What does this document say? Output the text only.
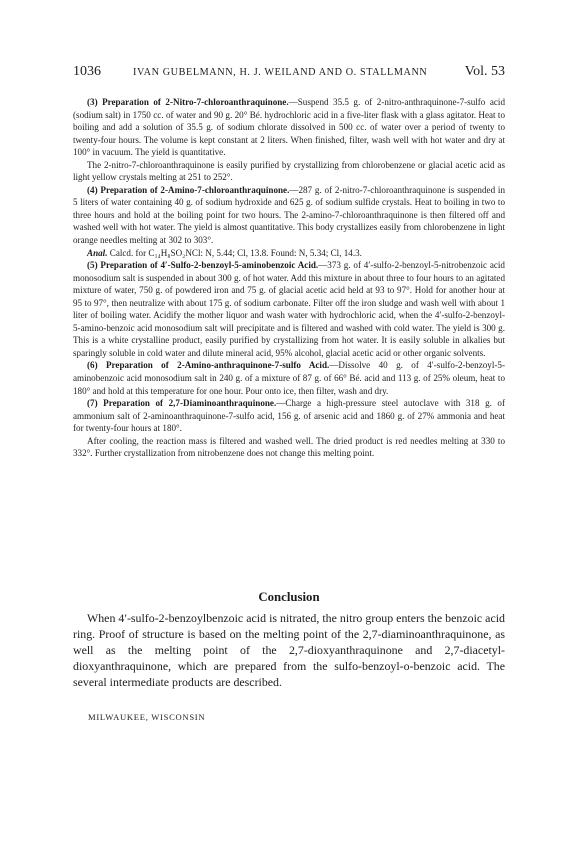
1036	IVAN GUBELMANN, H. J. WEILAND AND O. STALLMANN	Vol. 53

(3) Preparation of 2-Nitro-7-chloroanthraquinone.—Suspend 35.5 g. of 2-nitro-anthraquinone-7-sulfo acid (sodium salt) in 1750 cc. of water and 90 g. 20° Bé. hydrochloric acid in a five-liter flask with a glass agitator. Heat to boiling and add a solution of 35.5 g. of sodium chlorate dissolved in 500 cc. of water over a period of twenty to twenty-four hours. The volume is kept constant at 2 liters. When finished, filter, wash well with hot water and dry at 100° in vacuum. The yield is quantitative.

The 2-nitro-7-chloroanthraquinone is easily purified by crystallizing from chlorobenzene or glacial acetic acid as light yellow crystals melting at 251 to 252°.

(4) Preparation of 2-Amino-7-chloroanthraquinone.—287 g. of 2-nitro-7-chloroanthraquinone is suspended in 5 liters of water containing 40 g. of sodium hydroxide and 625 g. of sodium sulfide crystals. Heat to boiling in two to three hours and hold at the boiling point for two hours. The 2-amino-7-chloroanthraquinone is then filtered off and washed well with hot water. The yield is almost quantitative. This body crystallizes easily from chlorobenzene in light orange needles melting at 302 to 303°.

Anal. Calcd. for C₁₄H₈SO₂NCl: N, 5.44; Cl, 13.8. Found: N, 5.34; Cl, 14.3.

(5) Preparation of 4′-Sulfo-2-benzoyl-5-aminobenzoic Acid.—373 g. of 4′-sulfo-2-benzoyl-5-nitrobenzoic acid monosodium salt is suspended in about 300 g. of hot water. Add this mixture in about three to four hours to an agitated mixture of water, 750 g. of powdered iron and 75 g. of glacial acetic acid held at 93 to 97°. Hold for another hour at 95 to 97°, then neutralize with about 175 g. of sodium carbonate. Filter off the iron sludge and wash well with about 1 liter of boiling water. Acidify the mother liquor and wash water with hydrochloric acid, when the 4′-sulfo-2-benzoyl-5-amino-benzoic acid monosodium salt will precipitate and is filtered and washed with cold water. The yield is 300 g. This is a white crystalline product, easily purified by crystallizing from hot water. It is easily soluble in alkalies but sparingly soluble in cold water and dilute mineral acid, 95% alcohol, glacial acetic acid or other organic solvents.

(6) Preparation of 2-Amino-anthraquinone-7-sulfo Acid.—Dissolve 40 g. of 4′-sulfo-2-benzoyl-5-aminobenzoic acid monosodium salt in 240 g. of a mixture of 87 g. of 66° Bé. acid and 113 g. of 25% oleum, heat to 180° and hold at this temperature for one hour. Pour onto ice, then filter, wash and dry.

(7) Preparation of 2,7-Diaminoanthraquinone.—Charge a high-pressure steel autoclave with 318 g. of ammonium salt of 2-aminoanthraquinone-7-sulfo acid, 156 g. of arsenic acid and 1860 g. of 27% ammonia and heat for twenty-four hours at 180°.

After cooling, the reaction mass is filtered and washed well. The dried product is red needles melting at 330 to 332°. Further crystallization from nitrobenzene does not change this melting point.

Conclusion

When 4′-sulfo-2-benzoylbenzoic acid is nitrated, the nitro group enters the benzoic acid ring. Proof of structure is based on the melting point of the 2,7-diaminoanthraquinone, as well as the melting point of the 2,7-dioxyanthraquinone and 2,7-diacetyl-dioxyanthraquinone, which are prepared from the sulfo-benzoyl-o-benzoic acid. The several intermediate products are described.

MILWAUKEE, WISCONSIN
